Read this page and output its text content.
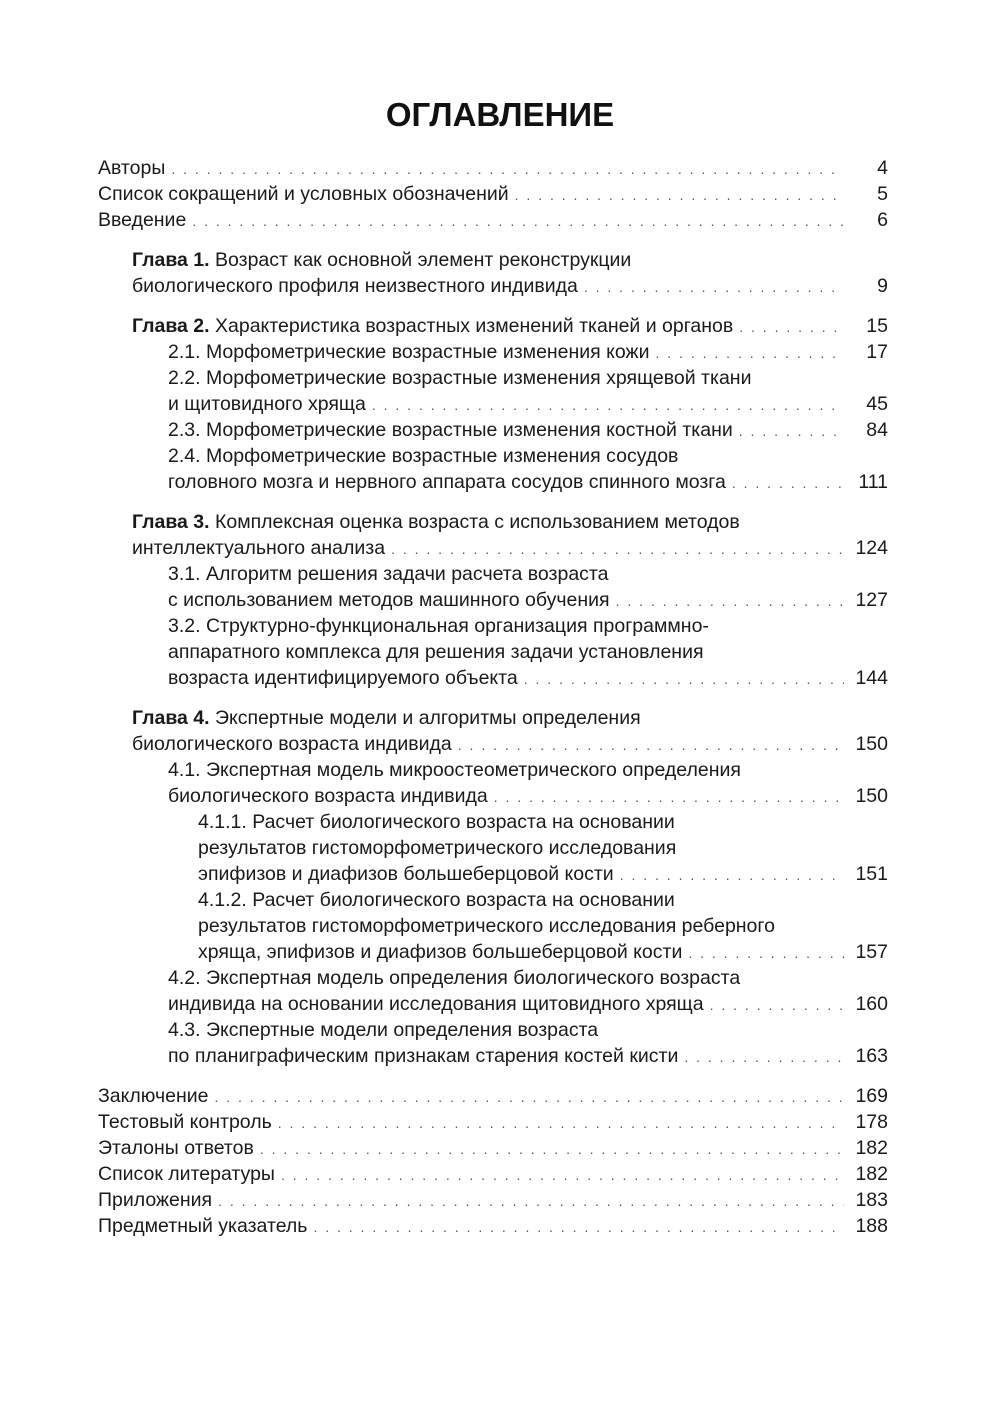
ОГЛАВЛЕНИЕ
Авторы . . .	4
Список сокращений и условных обозначений . . .	5
Введение . . .	6
Глава 1. Возраст как основной элемент реконструкции
биологического профиля неизвестного индивида . . .	9
Глава 2. Характеристика возрастных изменений тканей и органов . . .	15
2.1. Морфометрические возрастные изменения кожи . . .	17
2.2. Морфометрические возрастные изменения хрящевой ткани
и щитовидного хряща . . .	45
2.3. Морфометрические возрастные изменения костной ткани . . .	84
2.4. Морфометрические возрастные изменения сосудов
головного мозга и нервного аппарата сосудов спинного мозга . . .	111
Глава 3. Комплексная оценка возраста с использованием методов
интеллектуального анализа . . .	124
3.1. Алгоритм решения задачи расчета возраста
с использованием методов машинного обучения . . .	127
3.2. Структурно-функциональная организация программно-
аппаратного комплекса для решения задачи установления
возраста идентифицируемого объекта . . .	144
Глава 4. Экспертные модели и алгоритмы определения
биологического возраста индивида . . .	150
4.1. Экспертная модель микроостеометрического определения
биологического возраста индивида . . .	150
4.1.1. Расчет биологического возраста на основании
результатов гистоморфометрического исследования
эпифизов и диафизов большеберцовой кости . . .	151
4.1.2. Расчет биологического возраста на основании
результатов гистоморфометрического исследования реберного
хряща, эпифизов и диафизов большеберцовой кости . . .	157
4.2. Экспертная модель определения биологического возраста
индивида на основании исследования щитовидного хряща . . .	160
4.3. Экспертные модели определения возраста
по планиграфическим признакам старения костей кисти . . .	163
Заключение . . .	169
Тестовый контроль . . .	178
Эталоны ответов . . .	182
Список литературы . . .	182
Приложения . . .	183
Предметный указатель . . .	188
